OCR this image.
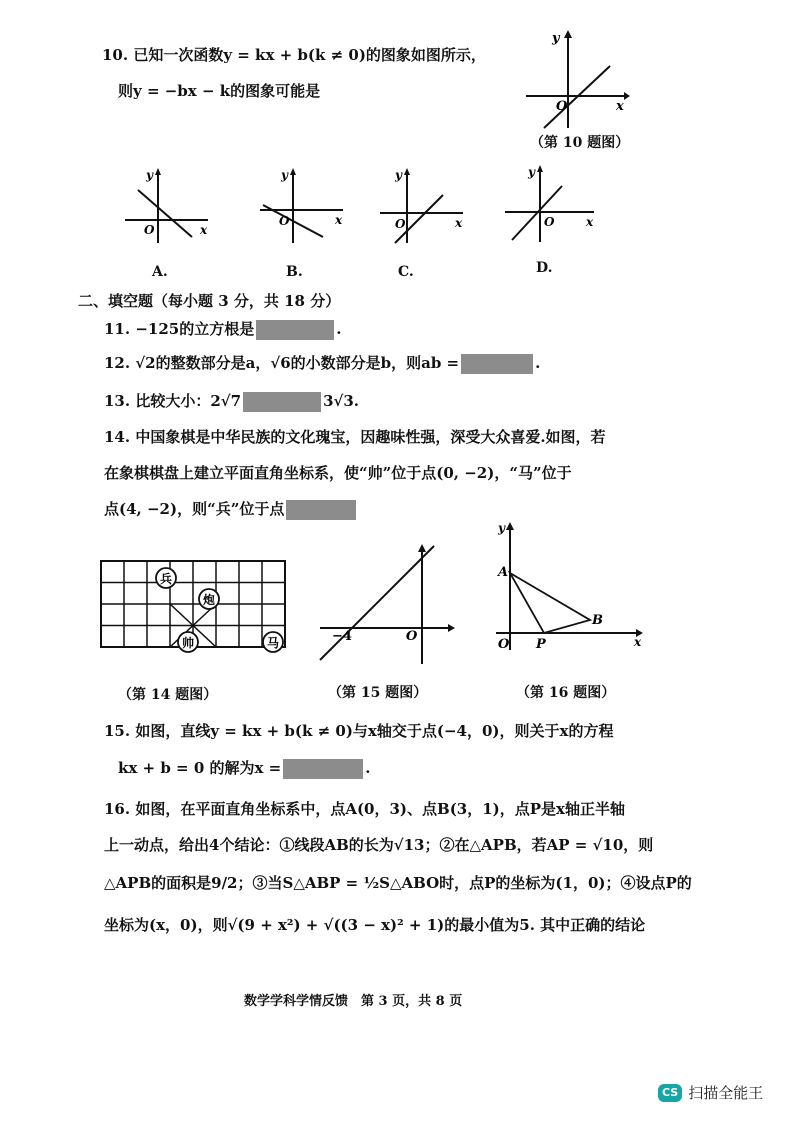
10. 已知一次函数y = kx + b(k ≠ 0)的图象如图所示，
则y = −bx − k的图象可能是
y
x
O
（第 10 题图）
y
x
O
y
x
O
y
x
O
y
x
O
A.	B.	C.	D.
二、填空题（每小题 3 分，共 18 分）
11. −125的立方根是	.
12. √2的整数部分是a，√6的小数部分是b，则ab =	.
13. 比较大小：2√7	3√3.
14. 中国象棋是中华民族的文化瑰宝，因趣味性强，深受大众喜爱.如图，若
在象棋棋盘上建立平面直角坐标系，使“帅”位于点(0, −2)，“马”位于
点(4, −2)，则“兵”位于点
兵
炮
帅	马
（第 14 题图）
−4	O
（第 15 题图）
y
A
B
P
O	x
（第 16 题图）
15. 如图，直线y = kx + b(k ≠ 0)与x轴交于点(−4，0)，则关于x的方程
kx + b = 0 的解为x =	.
16. 如图，在平面直角坐标系中，点A(0，3)、点B(3，1)，点P是x轴正半轴
上一动点，给出4个结论：①线段AB的长为√13；②在△APB，若AP = √10，则
△APB的面积是9/2；③当S△ABP = ½S△ABO时，点P的坐标为(1，0)；④设点P的
坐标为(x，0)，则√(9 + x²) + √((3 − x)² + 1)的最小值为5. 其中正确的结论
数学学科学情反馈　第 3 页，共 8 页
CS 扫描全能王
